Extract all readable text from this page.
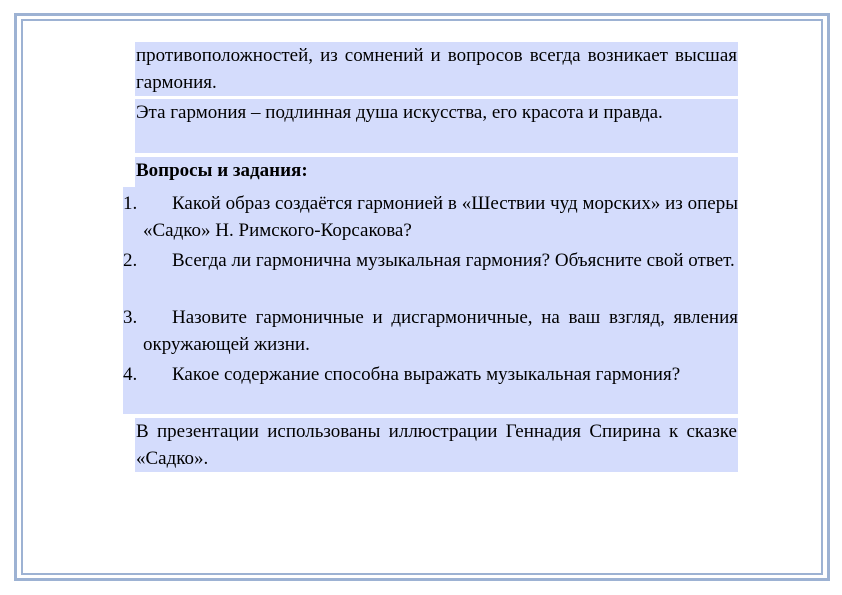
противоположностей, из сомнений и вопросов всегда возникает высшая гармония.

Эта гармония – подлинная душа искусства, его красота и правда.

Вопросы и задания:

1.	Какой образ создаётся гармонией в «Шествии чуд морских» из оперы «Садко» Н. Римского-Корсакова?
2.	Всегда ли гармонична музыкальная гармония? Объясните свой ответ.
3.	Назовите гармоничные и дисгармоничные, на ваш взгляд, явления окружающей жизни.
4.	Какое содержание способна выражать музыкальная гармония?

В презентации использованы иллюстрации Геннадия Спирина к сказке «Садко».
